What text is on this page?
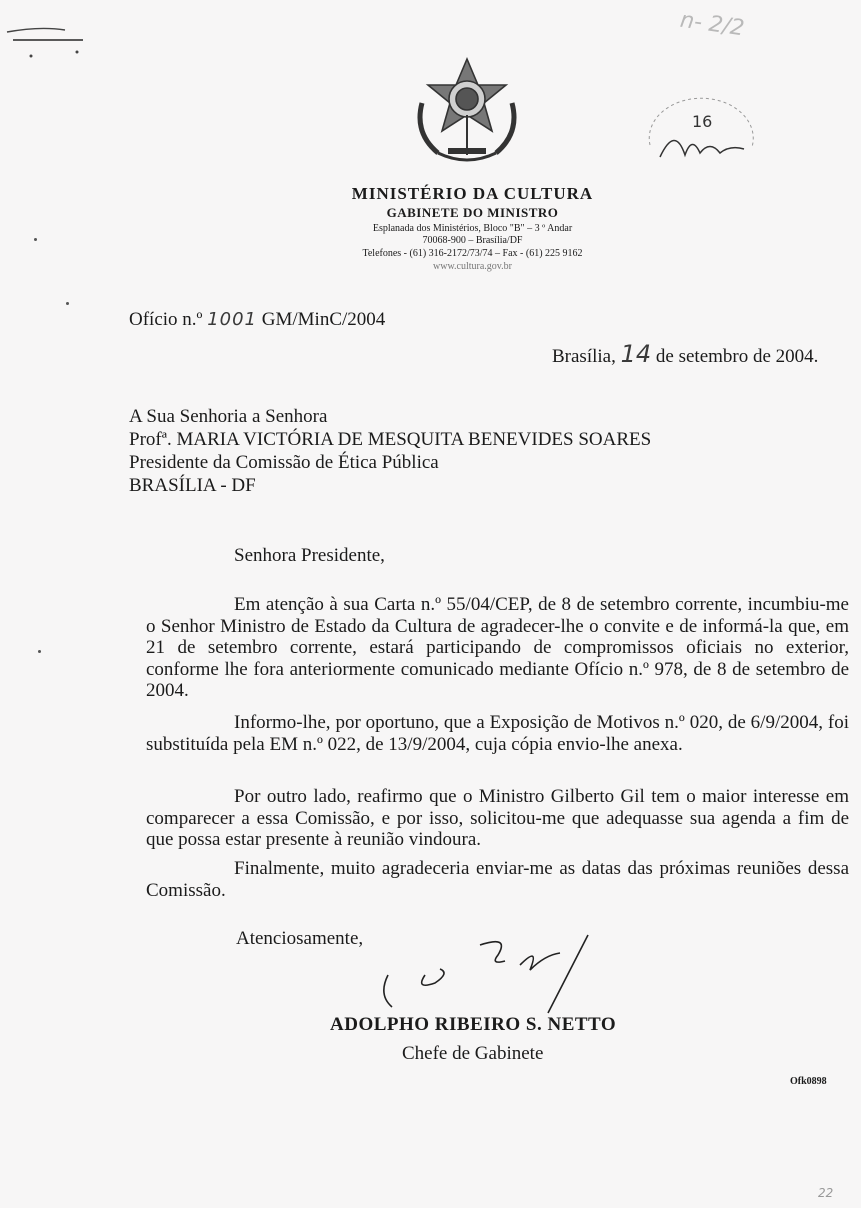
n- 2/2
MINISTÉRIO DA CULTURA
GABINETE DO MINISTRO
Esplanada dos Ministérios, Bloco "B" – 3 º Andar
70068-900 – Brasília/DF
Telefones - (61) 316-2172/73/74 – Fax - (61) 225 9162
www.cultura.gov.br
16
Ofício n.º 1001 GM/MinC/2004
Brasília, 14 de setembro de 2004.
A Sua Senhoria a Senhora
Profª. MARIA VICTÓRIA DE MESQUITA BENEVIDES SOARES
Presidente da Comissão de Ética Pública
BRASÍLIA - DF
Senhora Presidente,
Em atenção à sua Carta n.º 55/04/CEP, de 8 de setembro corrente, incumbiu-me o Senhor Ministro de Estado da Cultura de agradecer-lhe o convite e de informá-la que, em 21 de setembro corrente, estará participando de compromissos oficiais no exterior, conforme lhe fora anteriormente comunicado mediante Ofício n.º 978, de 8 de setembro de 2004.
Informo-lhe, por oportuno, que a Exposição de Motivos n.º 020, de 6/9/2004, foi substituída pela EM n.º 022, de 13/9/2004, cuja cópia envio-lhe anexa.
Por outro lado, reafirmo que o Ministro Gilberto Gil tem o maior interesse em comparecer a essa Comissão, e por isso, solicitou-me que adequasse sua agenda a fim de que possa estar presente à reunião vindoura.
Finalmente, muito agradeceria enviar-me as datas das próximas reuniões dessa Comissão.
Atenciosamente,
ADOLPHO RIBEIRO S. NETTO
Chefe de Gabinete
Ofk0898
22
